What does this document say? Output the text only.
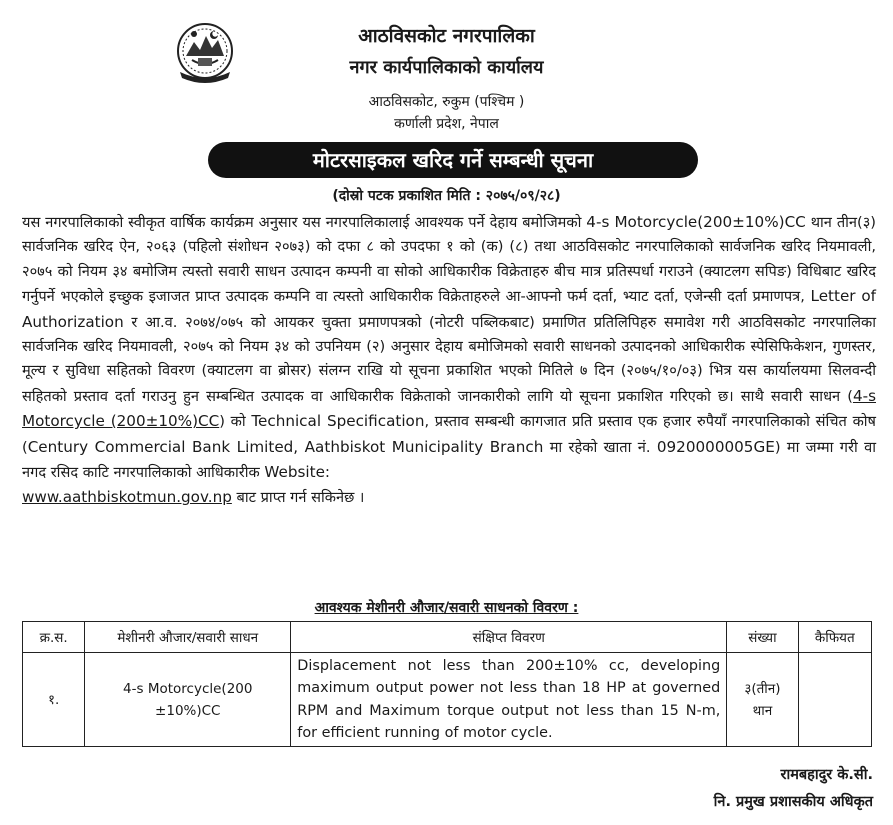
आठविसकोट नगरपालिका
नगर कार्यपालिकाको कार्यालय
आठविसकोट, रुकुम (पश्चिम )
कर्णाली प्रदेश, नेपाल
मोटरसाइकल खरिद गर्ने सम्बन्धी सूचना
(दोस्रो पटक प्रकाशित मिति : २०७५/०९/२८)
यस नगरपालिकाको स्वीकृत वार्षिक कार्यक्रम अनुसार यस नगरपालिकालाई आवश्यक पर्ने देहाय बमोजिमको 4-s Motorcycle(200±10%)CC थान तीन(३) सार्वजनिक खरिद ऐन, २०६३ (पहिलो संशोधन २०७३) को दफा ८ को उपदफा १ को (क) (८) तथा आठविसकोट नगरपालिकाको सार्वजनिक खरिद नियमावली, २०७५ को नियम ३४ बमोजिम त्यस्तो सवारी साधन उत्पादन कम्पनी वा सोको आधिकारीक विक्रेताहरु बीच मात्र प्रतिस्पर्धा गराउने (क्याटलग सपिङ) विधिबाट खरिद गर्नुपर्ने भएकोले इच्छुक इजाजत प्राप्त उत्पादक कम्पनि वा त्यस्तो आधिकारीक विक्रेताहरुले आ-आफ्नो फर्म दर्ता, भ्याट दर्ता, एजेन्सी दर्ता प्रमाणपत्र, Letter of Authorization र आ.व. २०७४/०७५ को आयकर चुक्ता प्रमाणपत्रको (नोटरी पब्लिकबाट) प्रमाणित प्रतिलिपिहरु समावेश गरी आठविसकोट नगरपालिका सार्वजनिक खरिद नियमावली, २०७५ को नियम ३४ को उपनियम (२) अनुसार देहाय बमोजिमको सवारी साधनको उत्पादनको आधिकारीक स्पेसिफिकेशन, गुणस्तर, मूल्य र सुविधा सहितको विवरण (क्याटलग वा ब्रोसर) संलग्न राखि यो सूचना प्रकाशित भएको मितिले ७ दिन (२०७५/१०/०३) भित्र यस कार्यालयमा सिलवन्दी सहितको प्रस्ताव दर्ता गराउनु हुन सम्बन्धित उत्पादक वा आधिकारीक विक्रेताको जानकारीको लागि यो सूचना प्रकाशित गरिएको छ। साथै सवारी साधन (4-s Motorcycle (200±10%)CC) को Technical Specification, प्रस्ताव सम्बन्धी कागजात प्रति प्रस्ताव एक हजार रुपैयाँ नगरपालिकाको संचित कोष (Century Commercial Bank Limited, Aathbiskot Municipality Branch मा रहेको खाता नं. 0920000005GE) मा जम्मा गरी वा नगद रसिद काटि नगरपालिकाको आधिकारीक Website:
www.aathbiskotmun.gov.np बाट प्राप्त गर्न सकिनेछ ।
आवश्यक मेशीनरी औजार/सवारी साधनको विवरण :
क्र.स.	मेशीनरी औजार/सवारी साधन	संक्षिप्त विवरण	संख्या	कैफियत
१.	4-s Motorcycle(200±10%)CC	Displacement not less than 200±10% cc, developing maximum output power not less than 18 HP at governed RPM and Maximum torque output not less than 15 N-m, for efficient running of motor cycle.	३(तीन) थान	
रामबहादुर के.सी.
नि. प्रमुख प्रशासकीय अधिकृत
